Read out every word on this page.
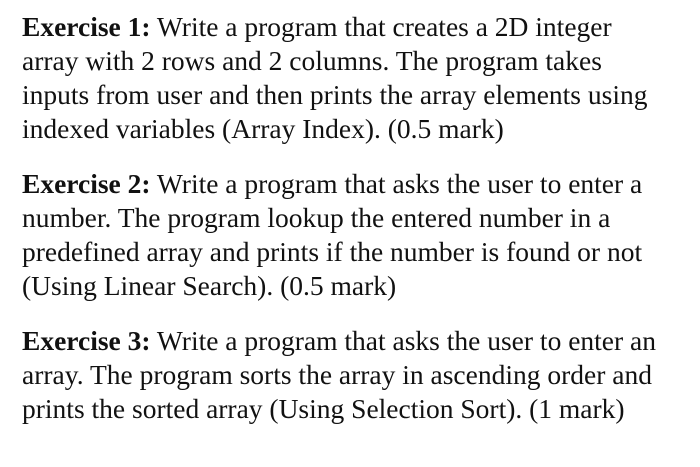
Exercise 1: Write a program that creates a 2D integer
array with 2 rows and 2 columns. The program takes
inputs from user and then prints the array elements using
indexed variables (Array Index). (0.5 mark)
Exercise 2: Write a program that asks the user to enter a
number. The program lookup the entered number in a
predefined array and prints if the number is found or not
(Using Linear Search). (0.5 mark)
Exercise 3: Write a program that asks the user to enter an
array. The program sorts the array in ascending order and
prints the sorted array (Using Selection Sort). (1 mark)
